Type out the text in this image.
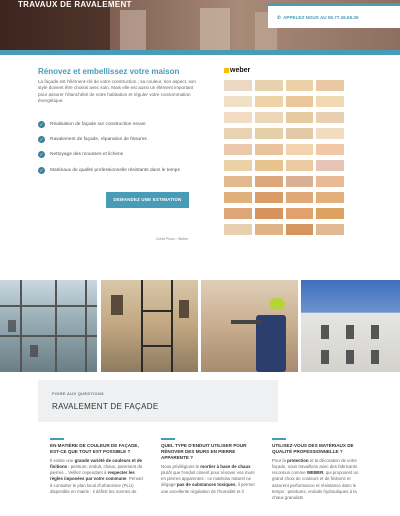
TRAVAUX DE RAVALEMENT
✆ APPELEZ NOUS AU 06.77.26.65.35
Rénovez et embellissez votre maison
La façade est l'élément-clé de votre construction ; sa couleur, son aspect, son style doivent être choisis avec soin. Mais elle est aussi un élément important pour assurer l'étanchéité de votre habitation et réguler votre consommation énergétique.
✓	Réalisation de façade sur construction neuve
✓	Ravalement de façade, réparation de fissures
✓	Nettoyage des mousses et lichens
✓	Matériaux de qualité professionnelle résistants dans le temps
DEMANDEZ UNE ESTIMATION
weber
Crédit Photo : Weber
FOIRE AUX QUESTIONS
RAVALEMENT DE FAÇADE
EN MATIÈRE DE COULEUR DE FAÇADE, EST-CE QUE TOUT EST POSSIBLE ?

Il existe une grande variété de couleurs et de finitions : peinture, enduit, chaux, parement de pierres... Veillez cependant à respecter les règles imposées par votre commune. Pensez à consulter le plan local d'urbanisme (PLU) disponible en mairie : il définit les normes de

QUEL TYPE D'ENDUIT UTILISER POUR RÉNOVER DES MURS EN PIERRE APPARENTE ?

Nous privilégions le mortier à base de chaux plutôt que l'enduit ciment pour rénover vos murs en pierres apparentes : ce matériau naturel ne dégage pas de substances toxiques, il permet une excellente régulation de l'humidité et il

UTILISEZ-VOUS DES MATÉRIAUX DE QUALITÉ PROFESSIONNELLE ?

Pour la protection et la décoration de votre façade, nous travaillons avec des fabricants reconnus comme WEBER, qui proposent un grand choix de couleurs et de finitions et assurent performance et résistance dans le temps : peintures, enduits hydrauliques à la chaux granulats
